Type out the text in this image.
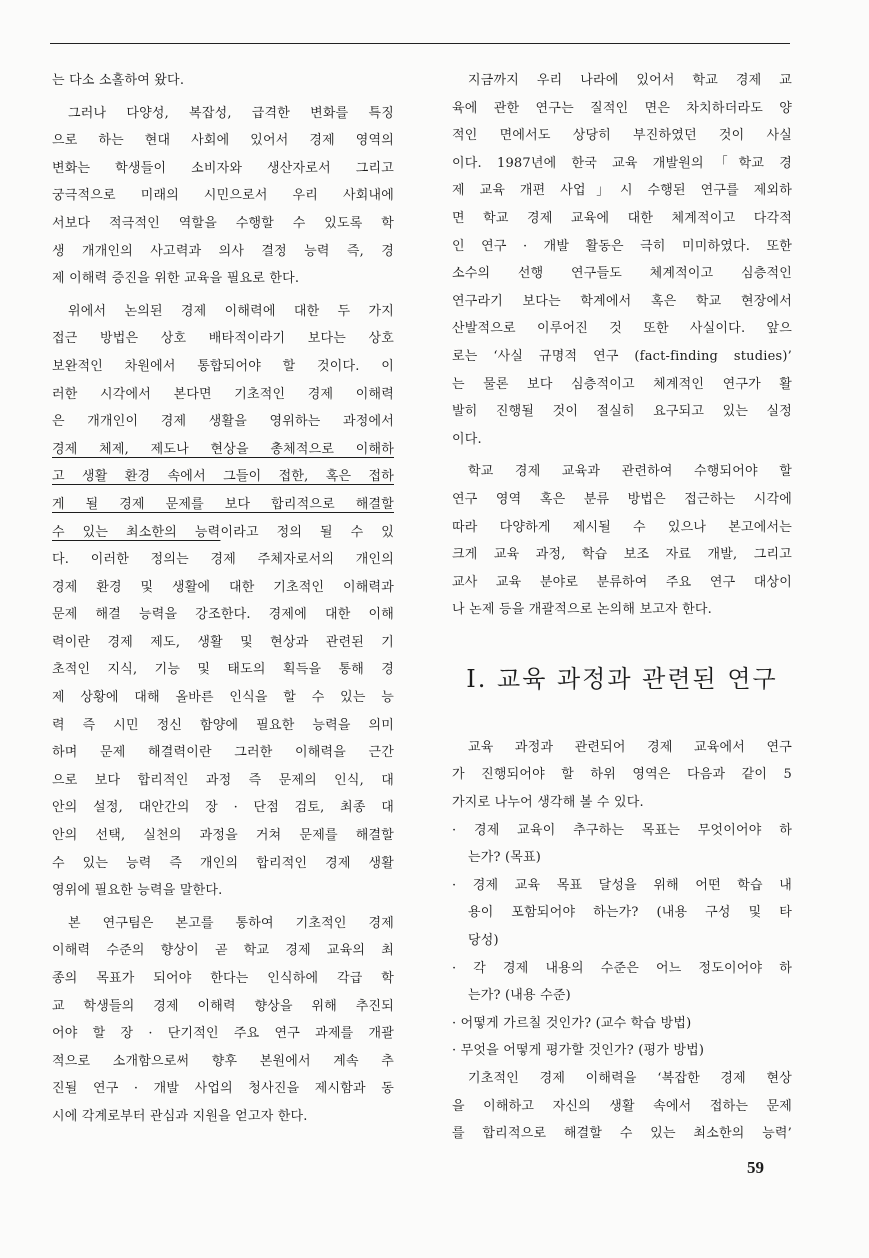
는 다소 소홀하여 왔다.
그러나 다양성, 복잡성, 급격한 변화를 특징
으로 하는 현대 사회에 있어서 경제 영역의
변화는 학생들이 소비자와 생산자로서 그리고
궁극적으로 미래의 시민으로서 우리 사회내에
서보다 적극적인 역할을 수행할 수 있도록 학
생 개개인의 사고력과 의사 결정 능력 즉, 경
제 이해력 증진을 위한 교육을 필요로 한다.
위에서 논의된 경제 이해력에 대한 두 가지
접근 방법은 상호 배타적이라기 보다는 상호
보완적인 차원에서 통합되어야 할 것이다. 이
러한 시각에서 본다면 기초적인 경제 이해력
은 개개인이 경제 생활을 영위하는 과정에서
경제 체제, 제도나 현상을 총체적으로 이해하
고 생활 환경 속에서 그들이 접한, 혹은 접하
게 될 경제 문제를 보다 합리적으로 해결할
수 있는 최소한의 능력이라고 정의 될 수 있
다. 이러한 정의는 경제 주체자로서의 개인의
경제 환경 및 생활에 대한 기초적인 이해력과
문제 해결 능력을 강조한다. 경제에 대한 이해
력이란 경제 제도, 생활 및 현상과 관련된 기
초적인 지식, 기능 및 태도의 획득을 통해 경
제 상황에 대해 올바른 인식을 할 수 있는 능
력 즉 시민 정신 함양에 필요한 능력을 의미
하며 문제 해결력이란 그러한 이해력을 근간
으로 보다 합리적인 과정 즉 문제의 인식, 대
안의 설정, 대안간의 장 · 단점 검토, 최종 대
안의 선택, 실천의 과정을 거쳐 문제를 해결할
수 있는 능력 즉 개인의 합리적인 경제 생활
영위에 필요한 능력을 말한다.
본 연구팀은 본고를 통하여 기초적인 경제
이해력 수준의 향상이 곧 학교 경제 교육의 최
종의 목표가 되어야 한다는 인식하에 각급 학
교 학생들의 경제 이해력 향상을 위해 추진되
어야 할 장 · 단기적인 주요 연구 과제를 개괄
적으로 소개함으로써 향후 본원에서 계속 추
진될 연구 · 개발 사업의 청사진을 제시함과 동
시에 각계로부터 관심과 지원을 얻고자 한다.
지금까지 우리 나라에 있어서 학교 경제 교
육에 관한 연구는 질적인 면은 차치하더라도 양
적인 면에서도 상당히 부진하였던 것이 사실
이다. 1987년에 한국 교육 개발원의「학교 경
제 교육 개편 사업」시 수행된 연구를 제외하
면 학교 경제 교육에 대한 체계적이고 다각적
인 연구 · 개발 활동은 극히 미미하였다. 또한
소수의 선행 연구들도 체계적이고 심층적인
연구라기 보다는 학계에서 혹은 학교 현장에서
산발적으로 이루어진 것 또한 사실이다. 앞으
로는 ‘사실 규명적 연구 (fact-finding studies)’
는 물론 보다 심층적이고 체계적인 연구가 활
발히 진행될 것이 절실히 요구되고 있는 실정
이다.
학교 경제 교육과 관련하여 수행되어야 할
연구 영역 혹은 분류 방법은 접근하는 시각에
따라 다양하게 제시될 수 있으나 본고에서는
크게 교육 과정, 학습 보조 자료 개발, 그리고
교사 교육 분야로 분류하여 주요 연구 대상이
나 논제 등을 개괄적으로 논의해 보고자 한다.
Ⅰ. 교육 과정과 관련된 연구
교육 과정과 관련되어 경제 교육에서 연구
가 진행되어야 할 하위 영역은 다음과 같이 5
가지로 나누어 생각해 볼 수 있다.
· 경제 교육이 추구하는 목표는 무엇이어야 하
는가? (목표)
· 경제 교육 목표 달성을 위해 어떤 학습 내
용이 포함되어야 하는가? (내용 구성 및 타
당성)
· 각 경제 내용의 수준은 어느 정도이어야 하
는가? (내용 수준)
· 어떻게 가르칠 것인가? (교수 학습 방법)
· 무엇을 어떻게 평가할 것인가? (평가 방법)
기초적인 경제 이해력을 ‘복잡한 경제 현상
을 이해하고 자신의 생활 속에서 접하는 문제
를 합리적으로 해결할 수 있는 최소한의 능력’
59
